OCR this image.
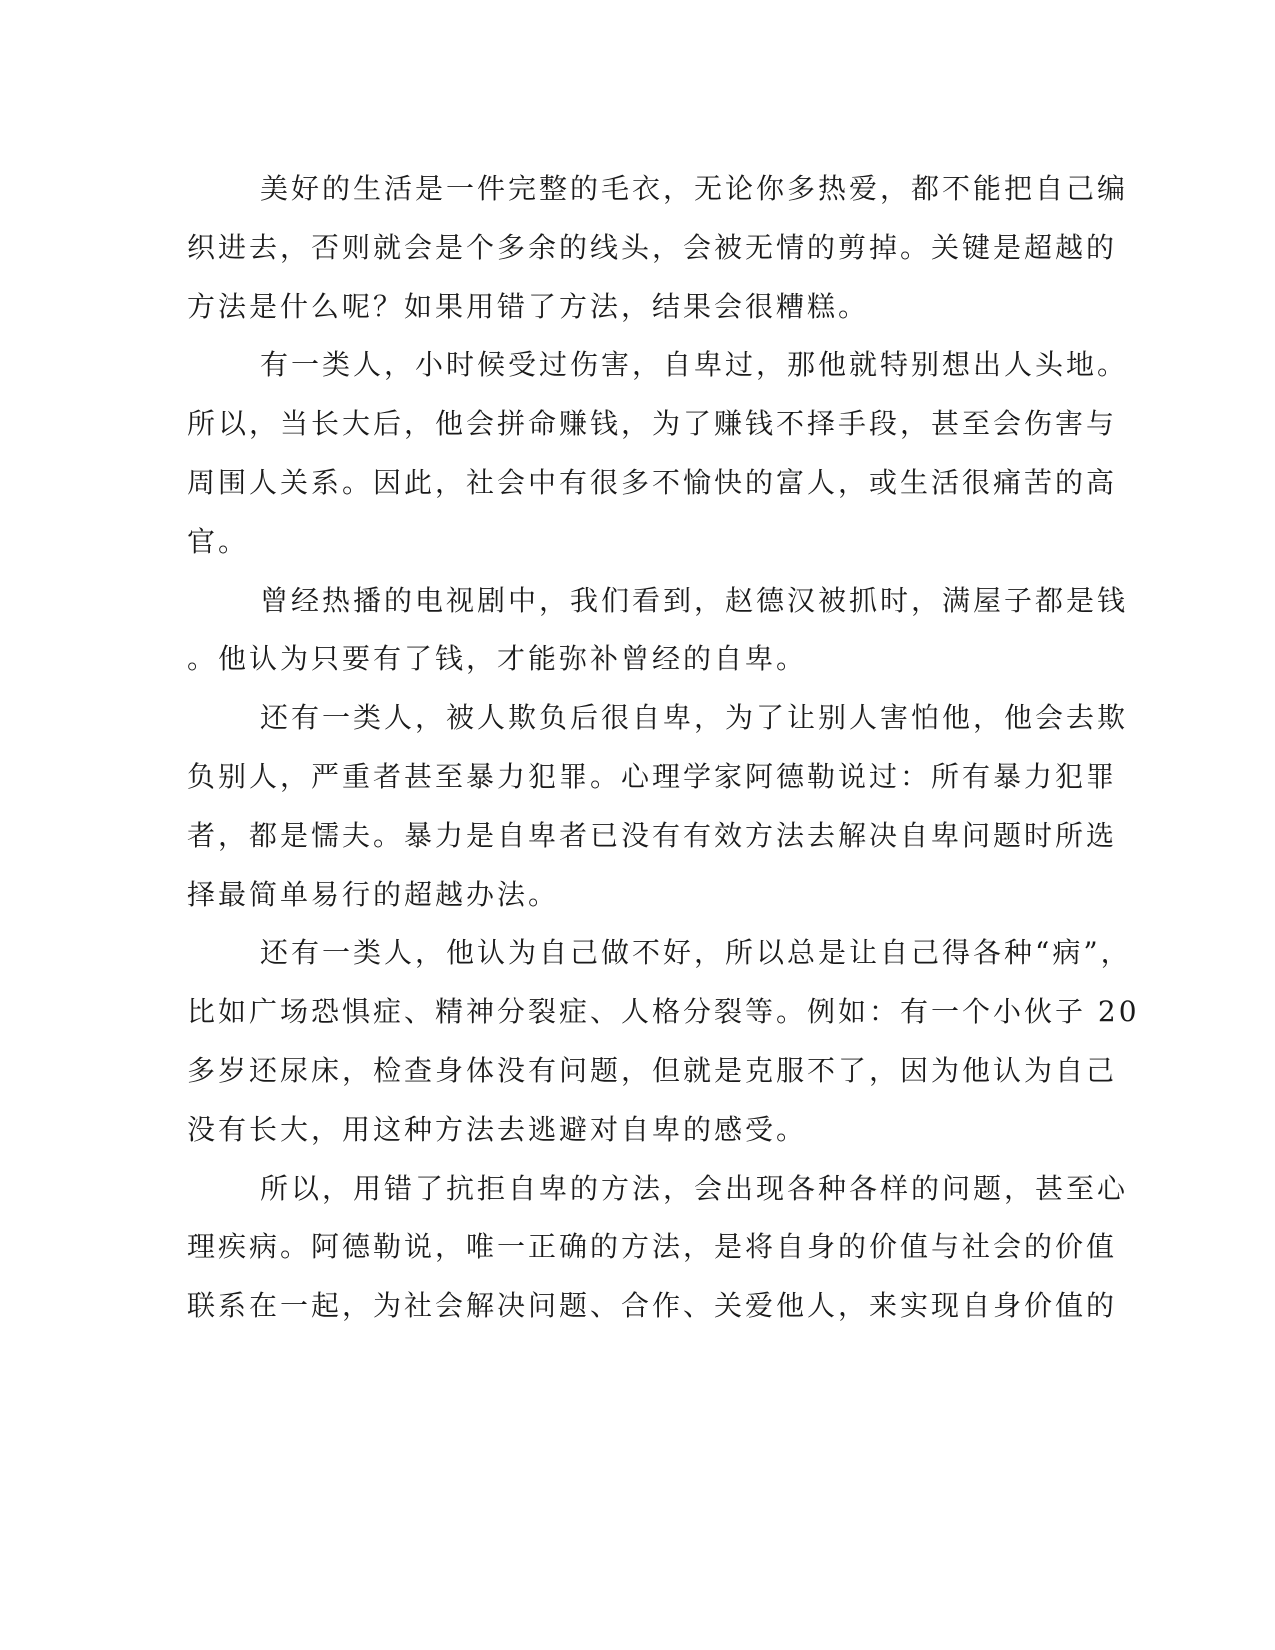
美好的生活是一件完整的毛衣，无论你多热爱，都不能把自己编
织进去，否则就会是个多余的线头，会被无情的剪掉。关键是超越的
方法是什么呢？如果用错了方法，结果会很糟糕。
有一类人，小时候受过伤害，自卑过，那他就特别想出人头地。
所以，当长大后，他会拼命赚钱，为了赚钱不择手段，甚至会伤害与
周围人关系。因此，社会中有很多不愉快的富人，或生活很痛苦的高
官。
曾经热播的电视剧中，我们看到，赵德汉被抓时，满屋子都是钱
。他认为只要有了钱，才能弥补曾经的自卑。
还有一类人，被人欺负后很自卑，为了让别人害怕他，他会去欺
负别人，严重者甚至暴力犯罪。心理学家阿德勒说过：所有暴力犯罪
者，都是懦夫。暴力是自卑者已没有有效方法去解决自卑问题时所选
择最简单易行的超越办法。
还有一类人，他认为自己做不好，所以总是让自己得各种“病”，
比如广场恐惧症、精神分裂症、人格分裂等。例如：有一个小伙子 20
多岁还尿床，检查身体没有问题，但就是克服不了，因为他认为自己
没有长大，用这种方法去逃避对自卑的感受。
所以，用错了抗拒自卑的方法，会出现各种各样的问题，甚至心
理疾病。阿德勒说，唯一正确的方法，是将自身的价值与社会的价值
联系在一起，为社会解决问题、合作、关爱他人，来实现自身价值的
